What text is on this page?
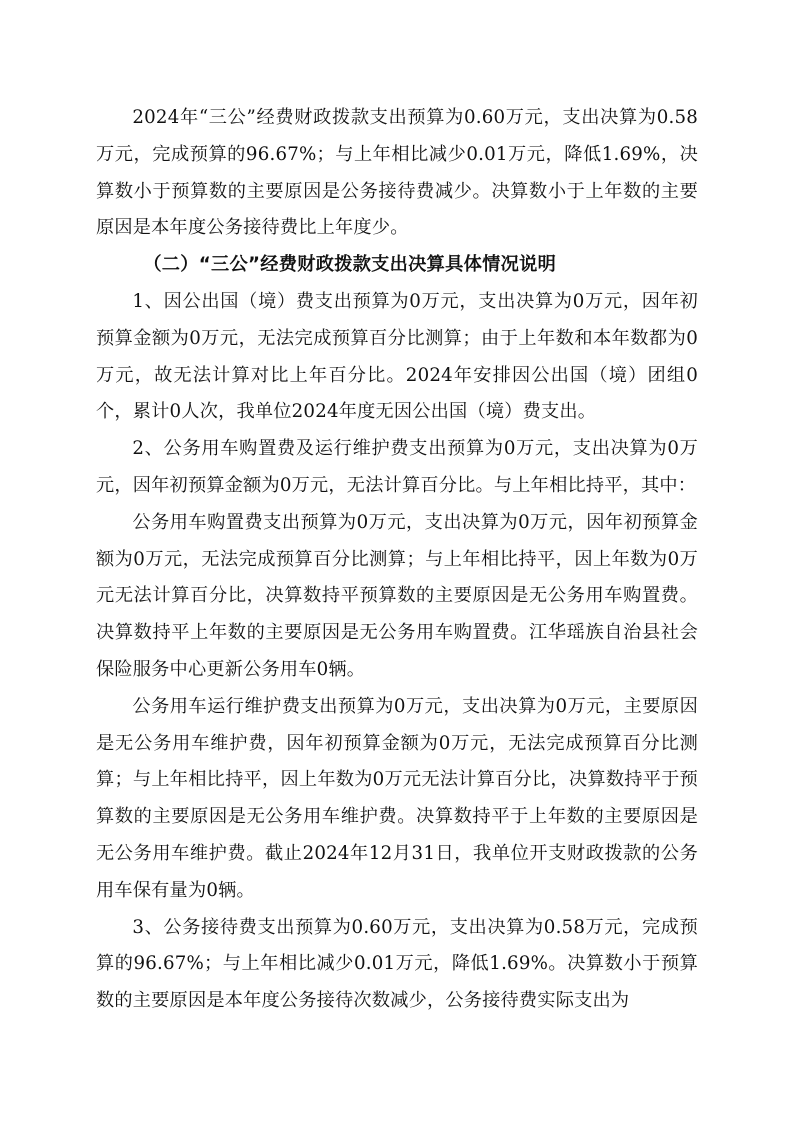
2024年“三公”经费财政拨款支出预算为0.60万元，支出决算为0.58万元，完成预算的96.67%；与上年相比减少0.01万元，降低1.69%，决算数小于预算数的主要原因是公务接待费减少。决算数小于上年数的主要原因是本年度公务接待费比上年度少。

（二）“三公”经费财政拨款支出决算具体情况说明

1、因公出国（境）费支出预算为0万元，支出决算为0万元，因年初预算金额为0万元，无法完成预算百分比测算；由于上年数和本年数都为0万元，故无法计算对比上年百分比。2024年安排因公出国（境）团组0个，累计0人次，我单位2024年度无因公出国（境）费支出。

2、公务用车购置费及运行维护费支出预算为0万元，支出决算为0万元，因年初预算金额为0万元，无法计算百分比。与上年相比持平，其中：

公务用车购置费支出预算为0万元，支出决算为0万元，因年初预算金额为0万元，无法完成预算百分比测算；与上年相比持平，因上年数为0万元无法计算百分比，决算数持平预算数的主要原因是无公务用车购置费。决算数持平上年数的主要原因是无公务用车购置费。江华瑶族自治县社会保险服务中心更新公务用车0辆。

公务用车运行维护费支出预算为0万元，支出决算为0万元，主要原因是无公务用车维护费，因年初预算金额为0万元，无法完成预算百分比测算；与上年相比持平，因上年数为0万元无法计算百分比，决算数持平于预算数的主要原因是无公务用车维护费。决算数持平于上年数的主要原因是无公务用车维护费。截止2024年12月31日，我单位开支财政拨款的公务用车保有量为0辆。

3、公务接待费支出预算为0.60万元，支出决算为0.58万元，完成预算的96.67%；与上年相比减少0.01万元，降低1.69%。决算数小于预算数的主要原因是本年度公务接待次数减少，公务接待费实际支出为
